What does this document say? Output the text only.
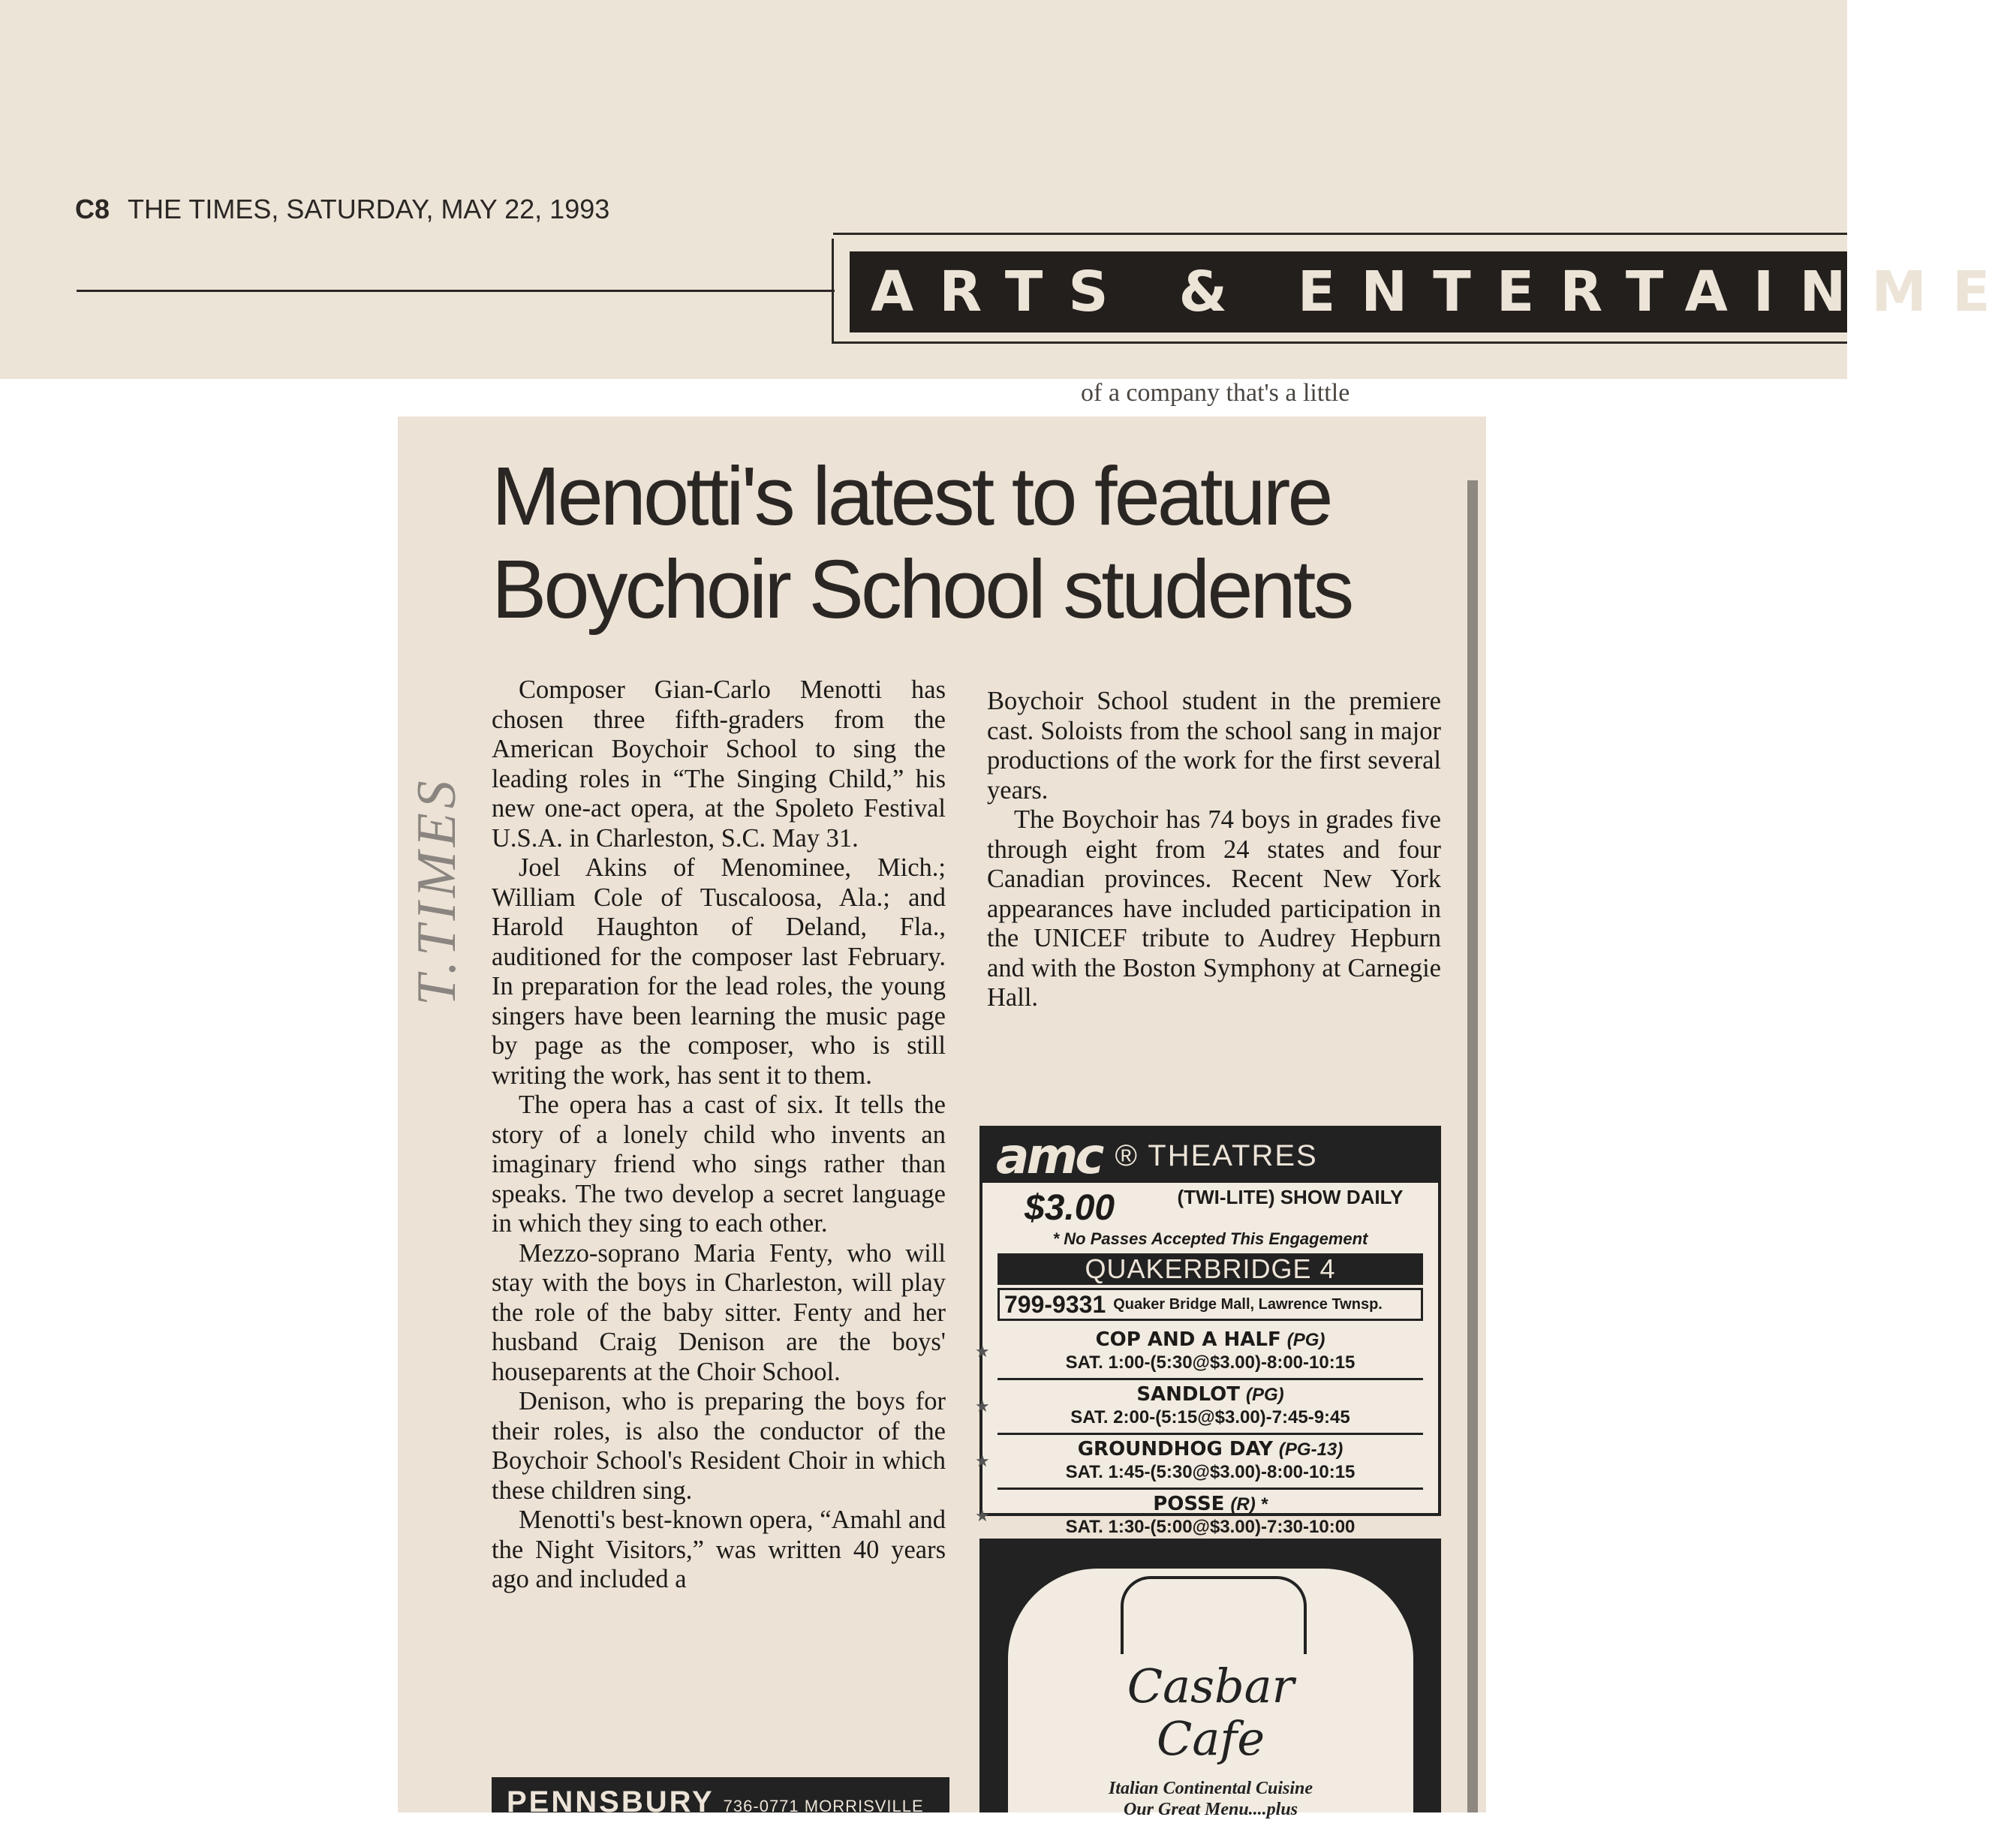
C8 THE TIMES, SATURDAY, MAY 22, 1993
ARTS & ENTERTAINME
of a company that's a little
Menotti's latest to feature
Boychoir School students

Composer Gian-Carlo Menotti has chosen three fifth-graders from the American Boychoir School to sing the leading roles in “The Singing Child,” his new one-act opera, at the Spoleto Festival U.S.A. in Charleston, S.C. May 31.

Joel Akins of Menominee, Mich.; William Cole of Tuscaloosa, Ala.; and Harold Haughton of Deland, Fla., auditioned for the composer last February. In preparation for the lead roles, the young singers have been learning the music page by page as the composer, who is still writing the work, has sent it to them.

The opera has a cast of six. It tells the story of a lonely child who invents an imaginary friend who sings rather than speaks. The two develop a secret language in which they sing to each other.

Mezzo-soprano Maria Fenty, who will stay with the boys in Charleston, will play the role of the baby sitter. Fenty and her husband Craig Denison are the boys' houseparents at the Choir School.

Denison, who is preparing the boys for their roles, is also the conductor of the Boychoir School's Resident Choir in which these children sing.

Menotti's best-known opera, “Amahl and the Night Visitors,” was written 40 years ago and included a

Boychoir School student in the premiere cast. Soloists from the school sang in major productions of the work for the first several years.

The Boychoir has 74 boys in grades five through eight from 24 states and four Canadian provinces. Recent New York appearances have included participation in the UNICEF tribute to Audrey Hepburn and with the Boston Symphony at Carnegie Hall.

T.TIMES
amc ® THEATRES
$3.00	(TWI-LITE) SHOW DAILY
* No Passes Accepted This Engagement
QUAKERBRIDGE 4
799-9331 Quaker Bridge Mall, Lawrence Twnsp.
★
COP AND A HALF (PG)
SAT. 1:00-(5:30@$3.00)-8:00-10:15
★
SANDLOT (PG)
SAT. 2:00-(5:15@$3.00)-7:45-9:45
★
GROUNDHOG DAY (PG-13)
SAT. 1:45-(5:30@$3.00)-8:00-10:15
★
POSSE (R) *
SAT. 1:30-(5:00@$3.00)-7:30-10:00
Casbar
Cafe
Italian Continental Cuisine
Our Great Menu....plus
PENNSBURY 736-0771 MORRISVILLE
